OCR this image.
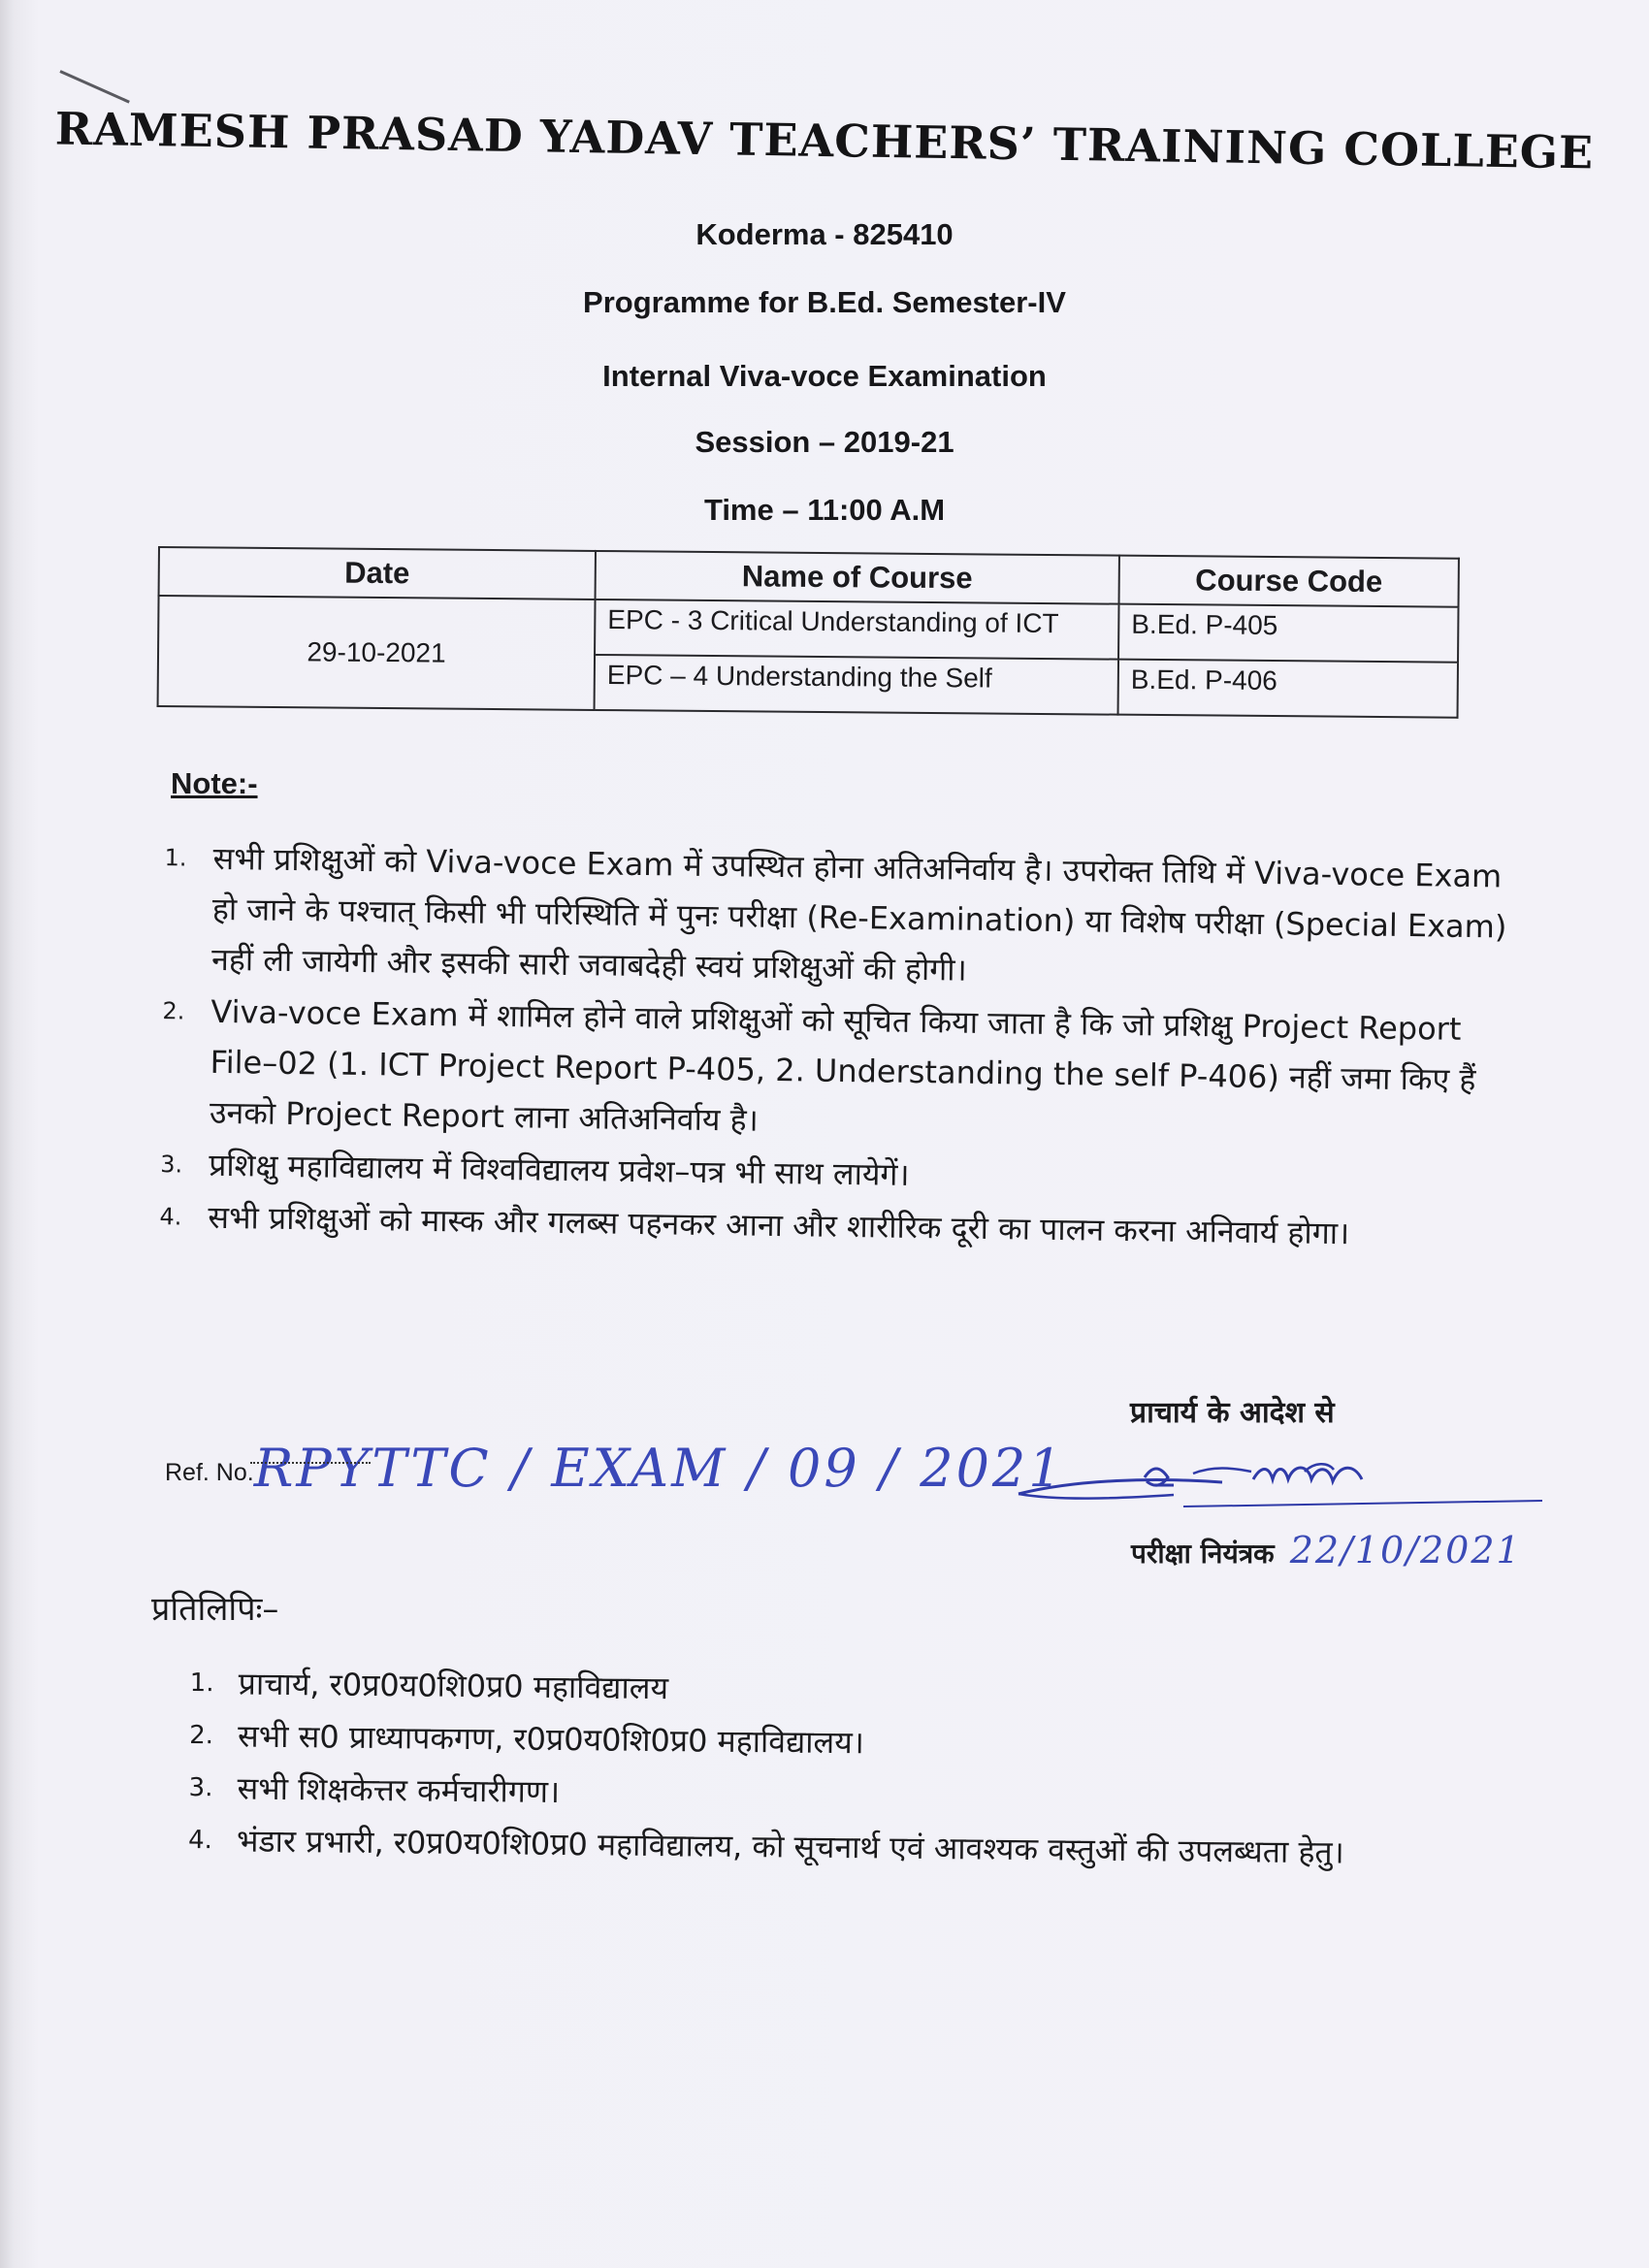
RAMESH PRASAD YADAV TEACHERS’ TRAINING COLLEGE
Koderma - 825410
Programme for B.Ed. Semester-IV
Internal Viva-voce Examination
Session – 2019-21
Time – 11:00 A.M
Date	Name of Course	Course Code
29-10-2021	EPC - 3 Critical Understanding of ICT	B.Ed. P-405
	EPC – 4 Understanding the Self	B.Ed. P-406
Note:-
1. सभी प्रशिक्षुओं को Viva-voce Exam में उपस्थित होना अतिअनिर्वाय है। उपरोक्त तिथि में Viva-voce Exam हो जाने के पश्चात् किसी भी परिस्थिति में पुनः परीक्षा (Re-Examination) या विशेष परीक्षा (Special Exam) नहीं ली जायेगी और इसकी सारी जवाबदेही स्वयं प्रशिक्षुओं की होगी।
2. Viva-voce Exam में शामिल होने वाले प्रशिक्षुओं को सूचित किया जाता है कि जो प्रशिक्षु Project Report File–02 (1. ICT Project Report P-405, 2. Understanding the self P-406) नहीं जमा किए हैं उनको Project Report लाना अतिअनिर्वाय है।
3. प्रशिक्षु महाविद्यालय में विश्वविद्यालय प्रवेश–पत्र भी साथ लायेगें।
4. सभी प्रशिक्षुओं को मास्क और गलब्स पहनकर आना और शारीरिक दूरी का पालन करना अनिवार्य होगा।
प्राचार्य के आदेश से
Ref. No.RPYTTC / EXAM / 09 / 2021
परीक्षा नियंत्रक 22/10/2021
प्रतिलिपिः–
1. प्राचार्य, र0प्र0य0शि0प्र0 महाविद्यालय
2. सभी स0 प्राध्यापकगण, र0प्र0य0शि0प्र0 महाविद्यालय।
3. सभी शिक्षकेत्तर कर्मचारीगण।
4. भंडार प्रभारी, र0प्र0य0शि0प्र0 महाविद्यालय, को सूचनार्थ एवं आवश्यक वस्तुओं की उपलब्धता हेतु।
